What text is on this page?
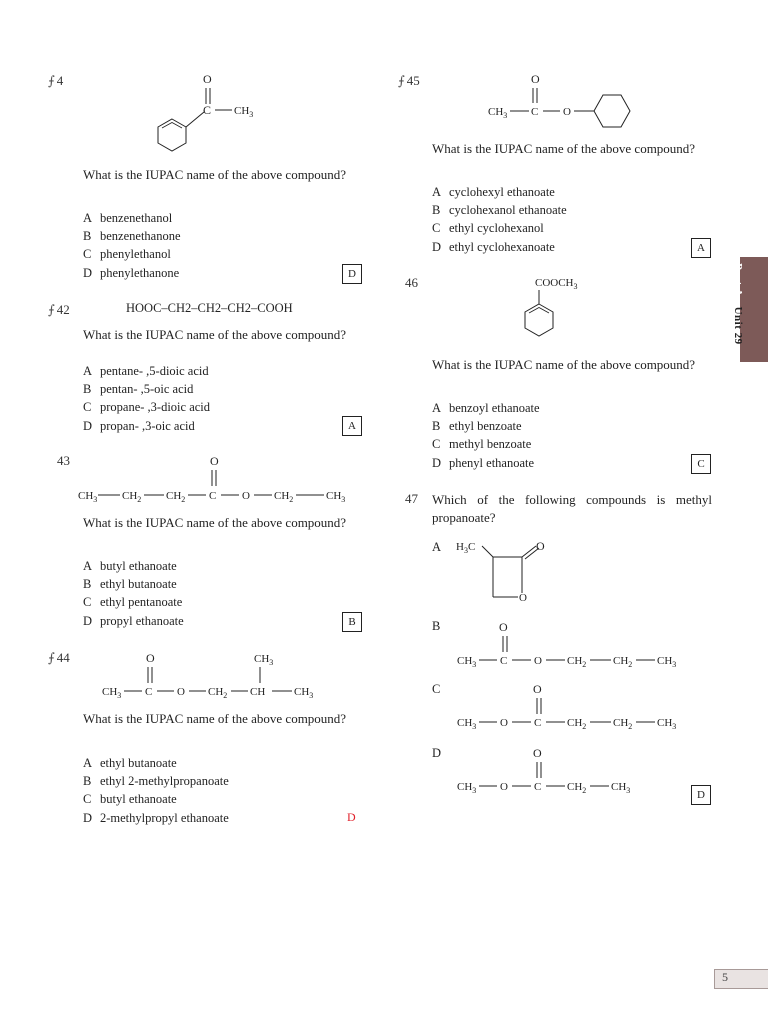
Part A   Unit 29
⨍ 4	O
C $CH_3$
What is the IUPAC name of the above compound?
A benzenethanol
B benzenethanone
C phenylethanol
D phenylethanone	D
⨍ 42	HOOC–CH2–CH2–CH2–COOH
What is the IUPAC name of the above compound?
A pentane- ,5-dioic acid
B pentan- ,5-oic acid
C propane- ,3-dioic acid
D propan- ,3-oic acid	A
43	O
$CH_3$ $CH_2$ $CH_2$ C O $CH_2$	$CH_3$
What is the IUPAC name of the above compound?
A butyl ethanoate
B ethyl butanoate
C ethyl pentanoate
D propyl ethanoate	B
⨍ 44	O	$CH_3$
$CH_3$ C O $CH_2$ CH	$CH_3$
What is the IUPAC name of the above compound?
A ethyl butanoate
B ethyl 2-methylpropanoate
C butyl ethanoate
D 2-methylpropyl ethanoate	D
⨍ 45	O
$CH_3$ C O
What is the IUPAC name of the above compound?
A cyclohexyl ethanoate
B cyclohexanol ethanoate
C ethyl cyclohexanol
D ethyl cyclohexanoate	A
46	$COOCH_3$
What is the IUPAC name of the above compound?
A benzoyl ethanoate
B ethyl benzoate
C methyl benzoate
D phenyl ethanoate	C
47 Which of the following compounds is methyl propanoate?
A $H_3C$	O
O
B	O
$CH_3$ C O $CH_2$ $CH_2$ $CH_3$
C	O
$CH_3$ O C $CH_2$ $CH_2$ $CH_3$
D	O
$CH_3$ O C $CH_2$ $CH_3$	D
5
